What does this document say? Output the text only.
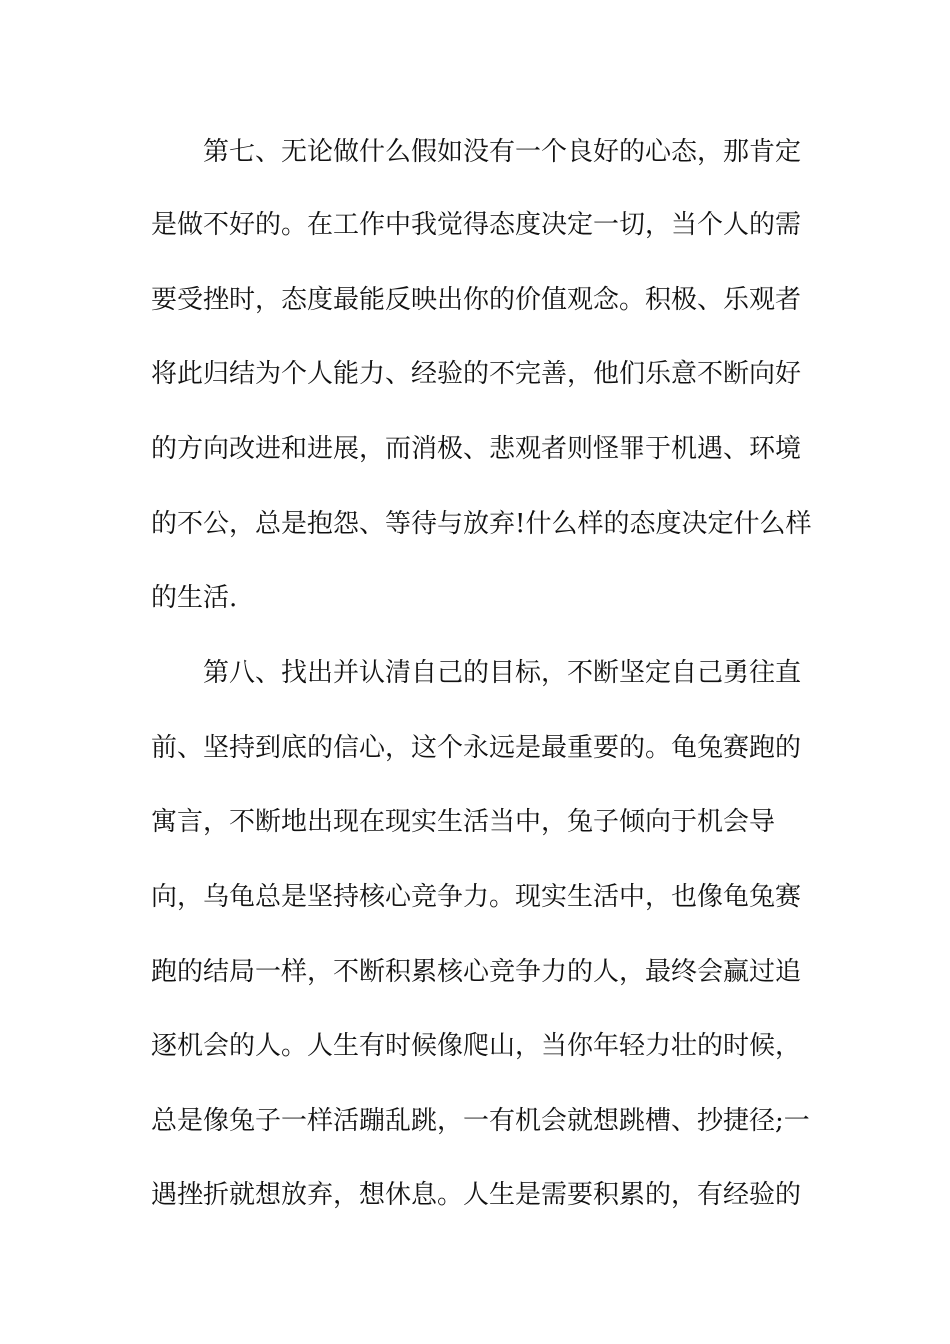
第七、无论做什么假如没有一个良好的心态，那肯定
是做不好的。在工作中我觉得态度决定一切，当个人的需
要受挫时，态度最能反映出你的价值观念。积极、乐观者
将此归结为个人能力、经验的不完善，他们乐意不断向好
的方向改进和进展，而消极、悲观者则怪罪于机遇、环境
的不公，总是抱怨、等待与放弃!什么样的态度决定什么样
的生活.
第八、找出并认清自己的目标，不断坚定自己勇往直
前、坚持到底的信心，这个永远是最重要的。龟兔赛跑的
寓言，不断地出现在现实生活当中，兔子倾向于机会导
向，乌龟总是坚持核心竞争力。现实生活中，也像龟兔赛
跑的结局一样，不断积累核心竞争力的人，最终会赢过追
逐机会的人。人生有时候像爬山，当你年轻力壮的时候，
总是像兔子一样活蹦乱跳，一有机会就想跳槽、抄捷径;一
遇挫折就想放弃，想休息。人生是需要积累的，有经验的
